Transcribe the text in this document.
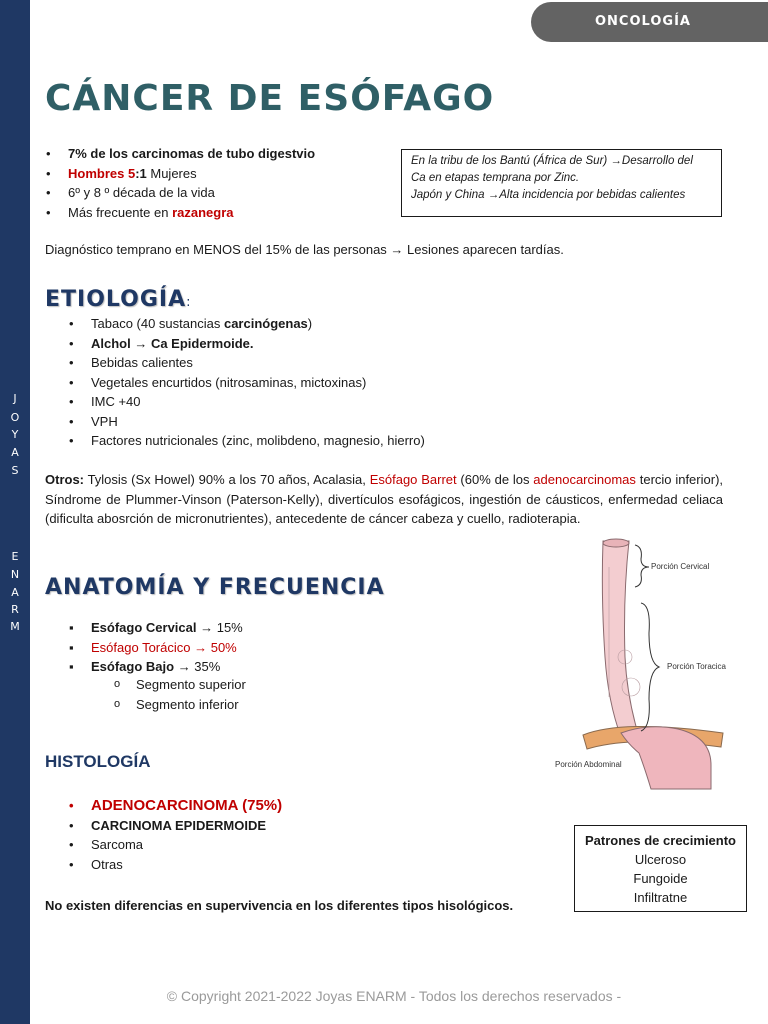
J
O
Y
A
S
E
N
A
R
M
ONCOLOGÍA
CÁNCER DE ESÓFAGO
• 7% de los carcinomas de tubo digestvio
• Hombres 5:1 Mujeres
• 6º y 8 º década de la vida
• Más frecuente en razanegra
En la tribu de los Bantú (África de Sur) →Desarrollo del
Ca en etapas temprana por Zinc.
Japón y China →Alta incidencia por bebidas calientes
Diagnóstico temprano en MENOS del 15% de las personas → Lesiones aparecen tardías.
ETIOLOGÍA:
• Tabaco (40 sustancias carcinógenas)
• Alchol → Ca Epidermoide.
• Bebidas calientes
• Vegetales encurtidos (nitrosaminas, mictoxinas)
• IMC +40
• VPH
• Factores nutricionales (zinc, molibdeno, magnesio, hierro)

Otros: Tylosis (Sx Howel) 90% a los 70 años, Acalasia, Esófago Barret (60% de los adenocarcinomas tercio inferior), Síndrome de Plummer-Vinson (Paterson-Kelly), divertículos esofágicos, ingestión de cáusticos, enfermedad celiaca (dificulta abosrción de micronutrientes), antecedente de cáncer cabeza y cuello, radioterapia.

ANATOMÍA Y FRECUENCIA
▪ Esófago Cervical → 15%
▪ Esófago Torácico → 50%
▪ Esófago Bajo → 35%
o Segmento superior
o Segmento inferior
Porción Cervical
Porción Toracica
Porción Abdominal
HISTOLOGÍA
• ADENOCARCINOMA (75%)
• CARCINOMA EPIDERMOIDE
• Sarcoma
• Otras
No existen diferencias en supervivencia en los diferentes tipos hisológicos.
Patrones de crecimiento
Ulceroso
Fungoide
Infiltratne
© Copyright 2021-2022 Joyas ENARM - Todos los derechos reservados -
